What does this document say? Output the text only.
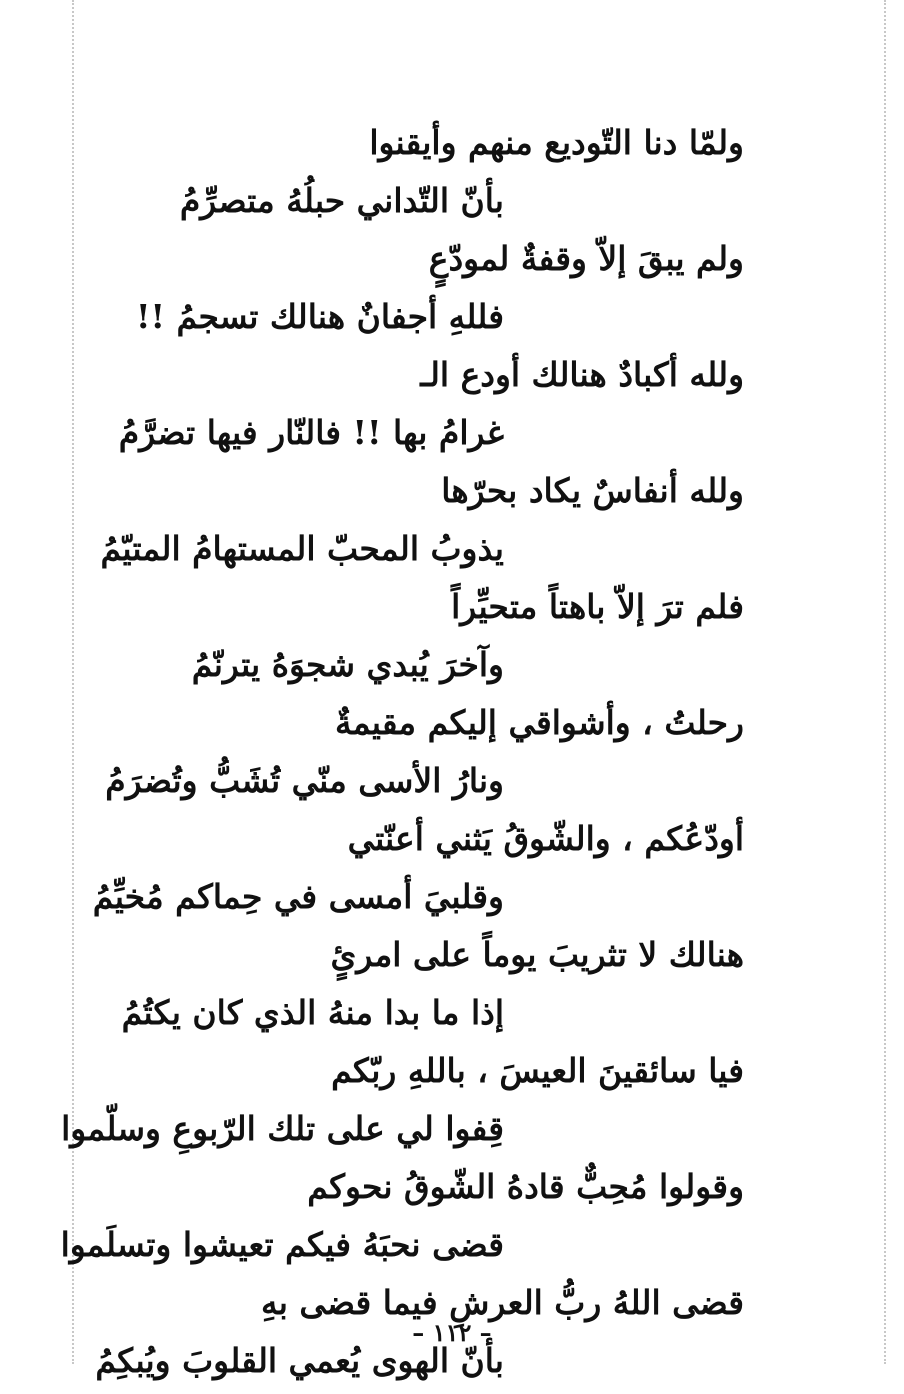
ولمّا دنا التّوديع منهم وأيقنوا
بأنّ التّداني حبلُهُ متصرِّمُ
ولم يبقَ إلاّ وقفةٌ لمودّعٍ
فللهِ أجفانٌ هنالك تسجمُ !!
ولله أكبادٌ هنالك أودع الـ
غرامُ بها !! فالنّار فيها تضرَّمُ
ولله أنفاسٌ يكاد بحرّها
يذوبُ المحبّ المستهامُ المتيّمُ
فلم ترَ إلاّ باهتاً متحيِّراً
وآخرَ يُبدي شجوَهُ يترنّمُ
رحلتُ ، وأشواقي إليكم مقيمةٌ
ونارُ الأسى منّي تُشَبُّ وتُضرَمُ
أودّعُكم ، والشّوقُ يَثني أعنّتي
وقلبيَ أمسى في حِماكم مُخيِّمُ
هنالك لا تثريبَ يوماً على امرئٍ
إذا ما بدا منهُ الذي كان يكتُمُ
فيا سائقينَ العيسَ ، باللهِ ربّكم
قِفوا لي على تلك الرّبوعِ وسلّموا
وقولوا مُحِبٌّ قادهُ الشّوقُ نحوكم
قضى نحبَهُ فيكم تعيشوا وتسلَموا
قضى اللهُ ربُّ العرشِ فيما قضى بهِ
بأنّ الهوى يُعمي القلوبَ ويُبكِمُ
– ١١٢ –
